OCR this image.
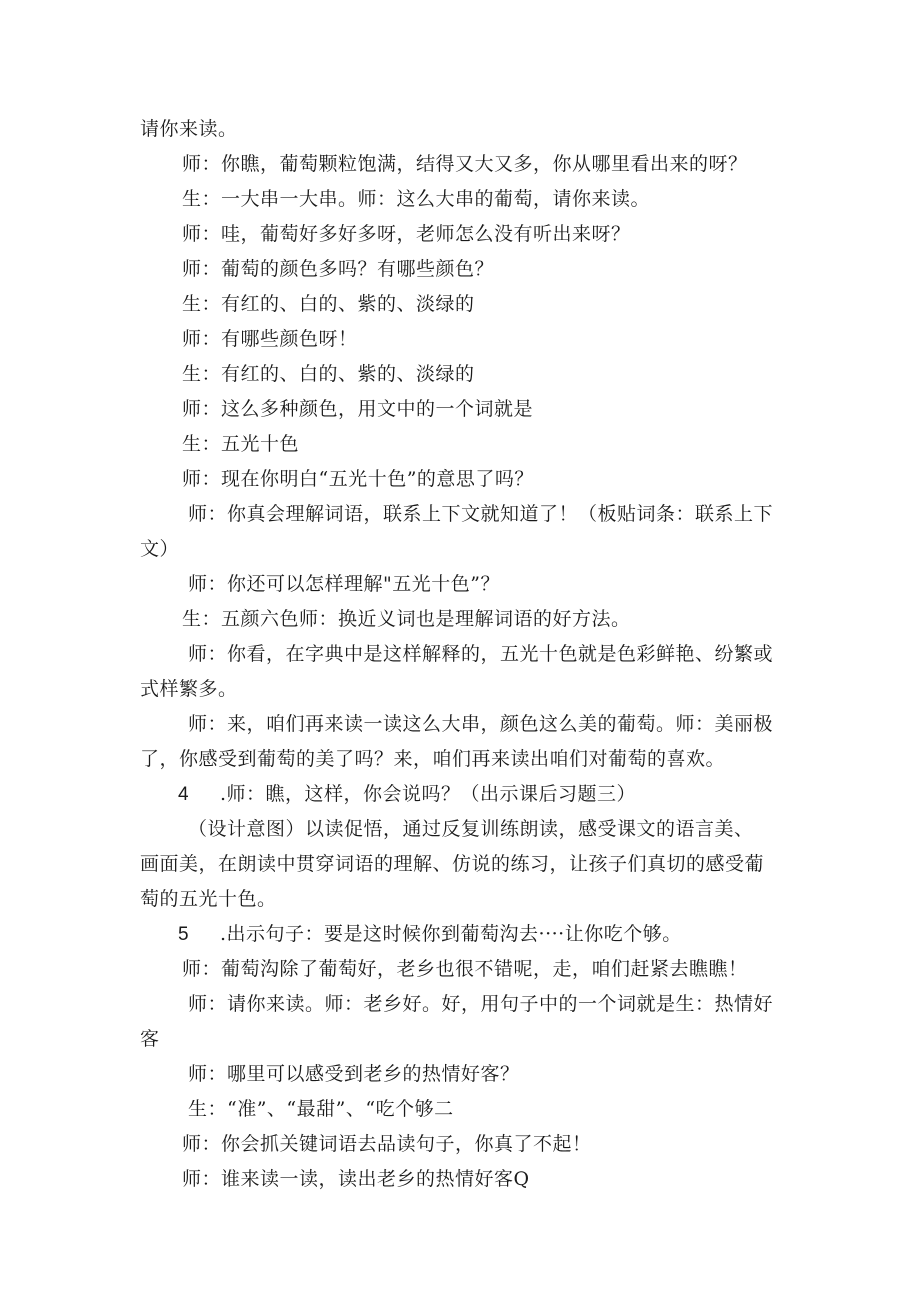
请你来读。
师：你瞧，葡萄颗粒饱满，结得又大又多，你从哪里看出来的呀？
生：一大串一大串。师：这么大串的葡萄，请你来读。
师：哇，葡萄好多好多呀，老师怎么没有听出来呀？
师：葡萄的颜色多吗？有哪些颜色？
生：有红的、白的、紫的、淡绿的
师：有哪些颜色呀！
生：有红的、白的、紫的、淡绿的
师：这么多种颜色，用文中的一个词就是
生：五光十色
师：现在你明白“五光十色”的意思了吗？
师：你真会理解词语，联系上下文就知道了！（板贴词条：联系上下
文）
师：你还可以怎样理解"五光十色”？
生：五颜六色师：换近义词也是理解词语的好方法。
师：你看，在字典中是这样解释的，五光十色就是色彩鲜艳、纷繁或
式样繁多。
师：来，咱们再来读一读这么大串，颜色这么美的葡萄。师：美丽极
了，你感受到葡萄的美了吗？来，咱们再来读出咱们对葡萄的喜欢。
4 .师：瞧，这样，你会说吗？（出示课后习题三）
（设计意图）以读促悟，通过反复训练朗读，感受课文的语言美、
画面美，在朗读中贯穿词语的理解、仿说的练习，让孩子们真切的感受葡
萄的五光十色。
5 .出示句子：要是这时候你到葡萄沟去····让你吃个够。
师：葡萄沟除了葡萄好，老乡也很不错呢，走，咱们赶紧去瞧瞧！
师：请你来读。师：老乡好。好，用句子中的一个词就是生：热情好
客
师：哪里可以感受到老乡的热情好客？
生：“准”、“最甜”、“吃个够二
师：你会抓关键词语去品读句子，你真了不起！
师：谁来读一读，读出老乡的热情好客Q
